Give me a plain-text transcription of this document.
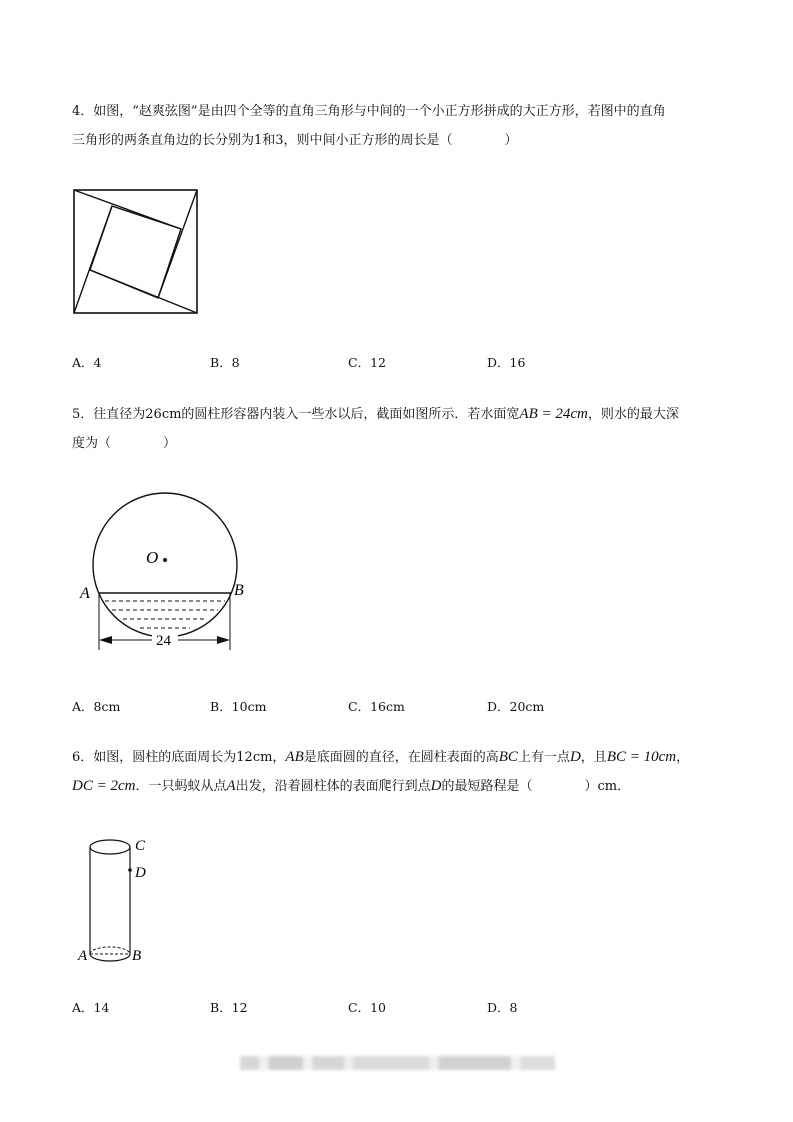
4．如图，“赵爽弦图”是由四个全等的直角三角形与中间的一个小正方形拼成的大正方形，若图中的直角
三角形的两条直角边的长分别为1和3，则中间小正方形的周长是（　　　　）
A．4	B．8	C．12	D．16
5．往直径为26cm的圆柱形容器内装入一些水以后，截面如图所示．若水面宽AB = 24cm，则水的最大深
度为（　　　　）
O
A	B
24
A．8cm	B．10cm	C．16cm	D．20cm
6．如图，圆柱的底面周长为12cm，AB是底面圆的直径，在圆柱表面的高BC上有一点D，且BC = 10cm，
DC = 2cm．一只蚂蚁从点A出发，沿着圆柱体的表面爬行到点D的最短路程是（　　　　）cm．
C
D
A	B
A．14	B．12	C．10	D．8
